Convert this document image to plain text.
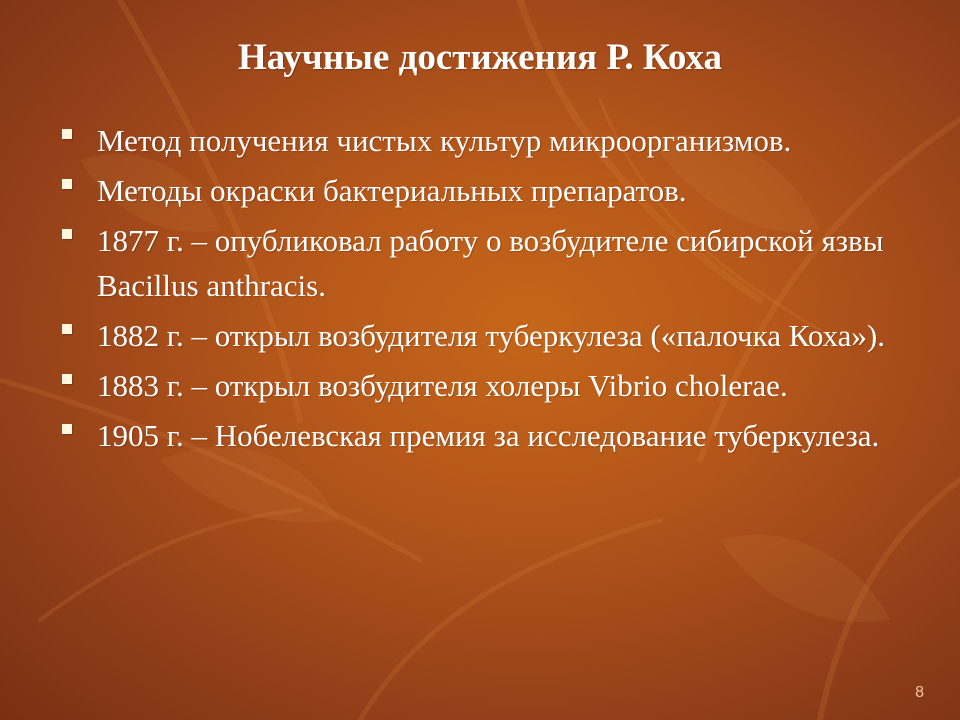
Научные достижения Р. Коха
Метод получения чистых культур микроорганизмов.
Методы окраски бактериальных препаратов.
1877 г. – опубликовал работу о возбудителе сибирской язвы Bacillus anthracis.
1882 г. – открыл возбудителя туберкулеза («палочка Коха»).
1883 г. – открыл возбудителя холеры Vibrio cholerae.
1905 г. – Нобелевская премия за исследование туберкулеза.
8
